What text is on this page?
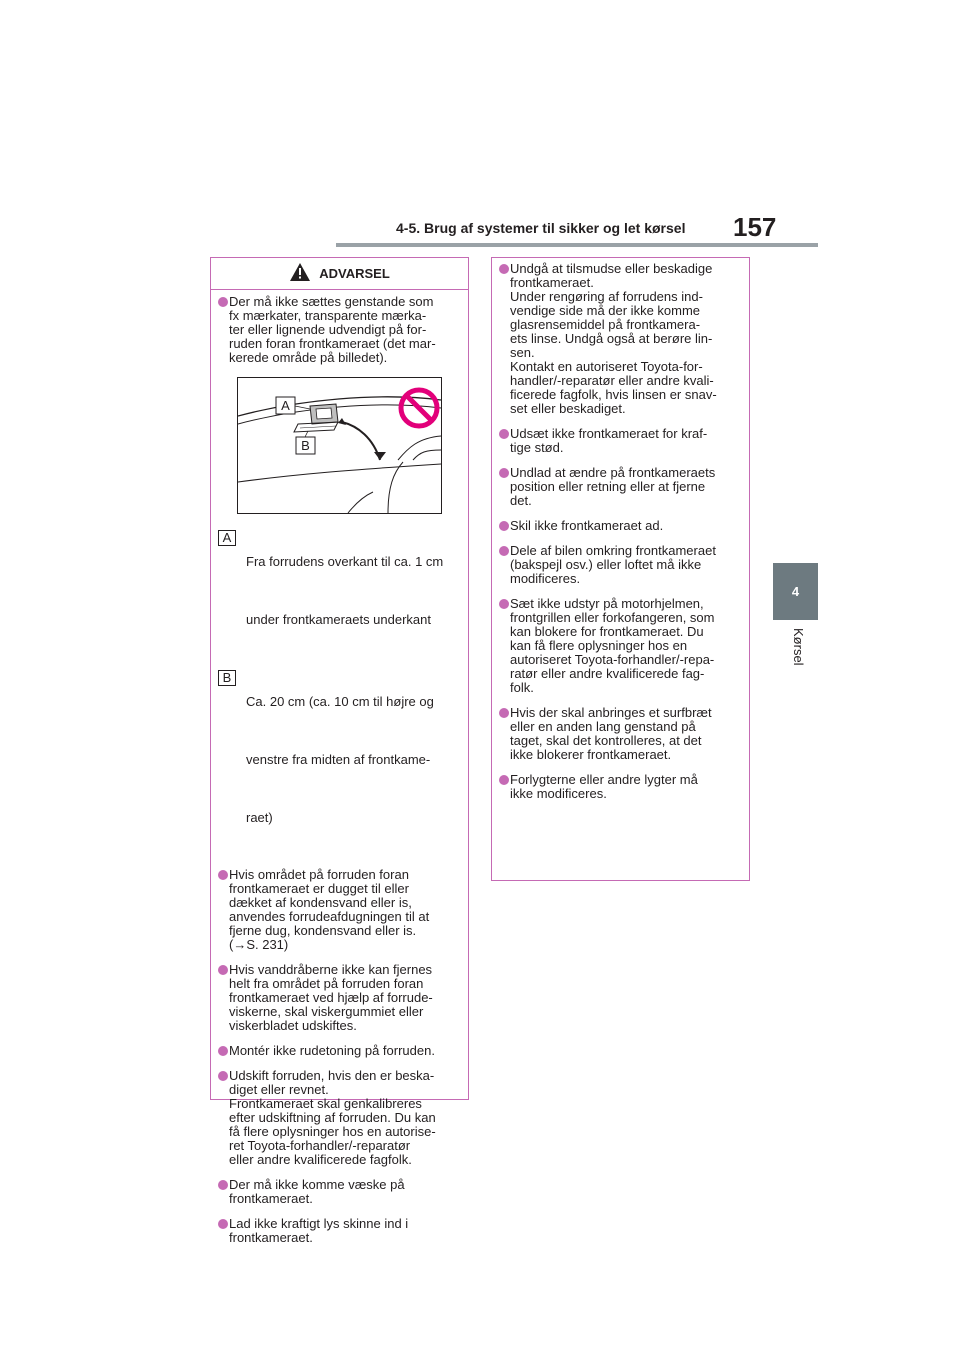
4-5. Brug af systemer til sikker og let kørsel 157
4
Kørsel
ADVARSEL
Der må ikke sættes genstande som
fx mærkater, transparente mærka-
ter eller lignende udvendigt på for-
ruden foran frontkameraet (det mar-
kerede område på billedet).
A
B
A

Fra forrudens overkant til ca. 1 cm

under frontkameraets underkant

B

Ca. 20 cm (ca. 10 cm til højre og

venstre fra midten af frontkame-

raet)

Hvis området på forruden foran
frontkameraet er dugget til eller
dækket af kondensvand eller is,
anvendes forrudeafdugningen til at
fjerne dug, kondensvand eller is.
(→S. 231)
Hvis vanddråberne ikke kan fjernes
helt fra området på forruden foran
frontkameraet ved hjælp af forrude-
viskerne, skal viskergummiet eller
viskerbladet udskiftes.
Montér ikke rudetoning på forruden.
Udskift forruden, hvis den er beska-
diget eller revnet.
Frontkameraet skal genkalibreres
efter udskiftning af forruden. Du kan
få flere oplysninger hos en autorise-
ret Toyota-forhandler/-reparatør
eller andre kvalificerede fagfolk.
Der må ikke komme væske på
frontkameraet.
Lad ikke kraftigt lys skinne ind i
frontkameraet.
Undgå at tilsmudse eller beskadige
frontkameraet.
Under rengøring af forrudens ind-
vendige side må der ikke komme
glasrensemiddel på frontkamera-
ets linse. Undgå også at berøre lin-
sen.
Kontakt en autoriseret Toyota-for-
handler/-reparatør eller andre kvali-
ficerede fagfolk, hvis linsen er snav-
set eller beskadiget.
Udsæt ikke frontkameraet for kraf-
tige stød.
Undlad at ændre på frontkameraets
position eller retning eller at fjerne
det.
Skil ikke frontkameraet ad.
Dele af bilen omkring frontkameraet
(bakspejl osv.) eller loftet må ikke
modificeres.
Sæt ikke udstyr på motorhjelmen,
frontgrillen eller forkofangeren, som
kan blokere for frontkameraet. Du
kan få flere oplysninger hos en
autoriseret Toyota-forhandler/-repa-
ratør eller andre kvalificerede fag-
folk.
Hvis der skal anbringes et surfbræt
eller en anden lang genstand på
taget, skal det kontrolleres, at det
ikke blokerer frontkameraet.
Forlygterne eller andre lygter må
ikke modificeres.
